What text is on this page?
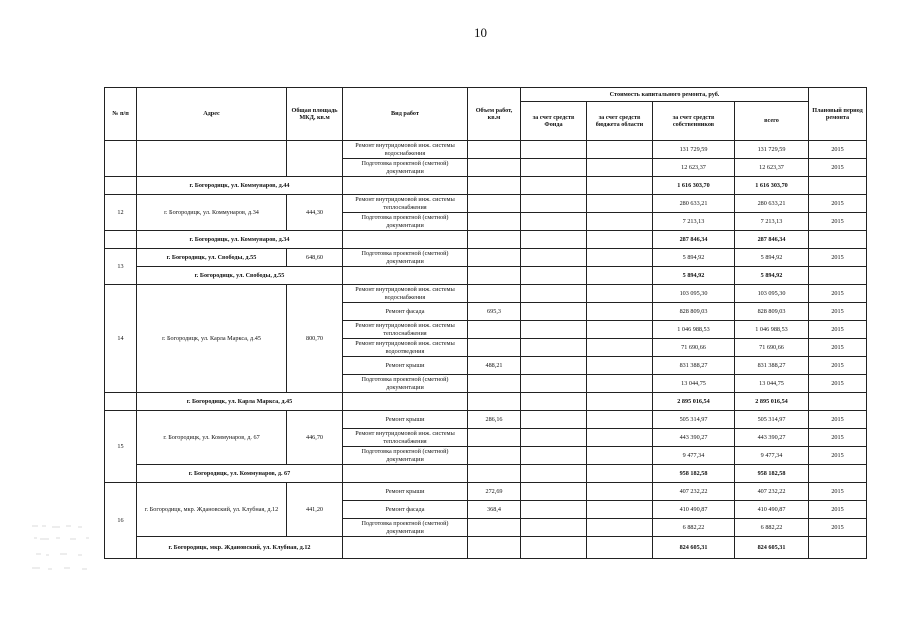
10
№ п/п	Адрес	Общая площадь МКД, кв.м	Вид работ	Объем работ, кв.м	Стоимость капитального ремонта, руб.				Плановый период ремонта
					за счет средств Фонда	за счет средств бюджета области	за счет средств собственников	всего	
			Ремонт внутридомовой инж. системы водоснабжения				131 729,59	131 729,59	2015
			Подготовка проектной (сметной) документации				12 623,37	12 623,37	2015
	г. Богородицк, ул. Коммунаров, д.44						1 616 303,70	1 616 303,70	
12	г. Богородицк, ул. Коммунаров, д.34	444,30	Ремонт внутридомовой инж. системы теплоснабжения				280 633,21	280 633,21	2015
			Подготовка проектной (сметной) документации				7 213,13	7 213,13	2015
	г. Богородицк, ул. Коммунаров, д.34						287 846,34	287 846,34	
13	г. Богородицк, ул. Свободы, д.55	648,60	Подготовка проектной (сметной) документации				5 894,92	5 894,92	2015
	г. Богородицк, ул. Свободы, д.55						5 894,92	5 894,92	
14	г. Богородицк, ул. Карла Маркса, д.45	800,70	Ремонт внутридомовой инж. системы водоснабжения				103 095,30	103 095,30	2015
			Ремонт фасада	695,3			828 809,03	828 809,03	2015
			Ремонт внутридомовой инж. системы теплоснабжения				1 046 988,53	1 046 988,53	2015
			Ремонт внутридомовой инж. системы водоотведения				71 690,66	71 690,66	2015
			Ремонт крыши	488,21			831 388,27	831 388,27	2015
			Подготовка проектной (сметной) документации				13 044,75	13 044,75	2015
	г. Богородицк, ул. Карла Маркса, д.45						2 895 016,54	2 895 016,54	
15	г. Богородицк, ул. Коммунаров, д. 67	446,70	Ремонт крыши	286,16			505 314,97	505 314,97	2015
			Ремонт внутридомовой инж. системы теплоснабжения				443 390,27	443 390,27	2015
			Подготовка проектной (сметной) документации				9 477,34	9 477,34	2015
	г. Богородицк, ул. Коммунаров, д. 67						958 182,58	958 182,58	
16	г. Богородицк, мкр. Ждановский, ул. Клубная, д.12	441,20	Ремонт крыши	272,69			407 232,22	407 232,22	2015
			Ремонт фасада	368,4			410 490,87	410 490,87	2015
			Подготовка проектной (сметной) документации				6 882,22	6 882,22	2015
	г. Богородицк, мкр. Ждановский, ул. Клубная, д.12						824 605,31	824 605,31	
